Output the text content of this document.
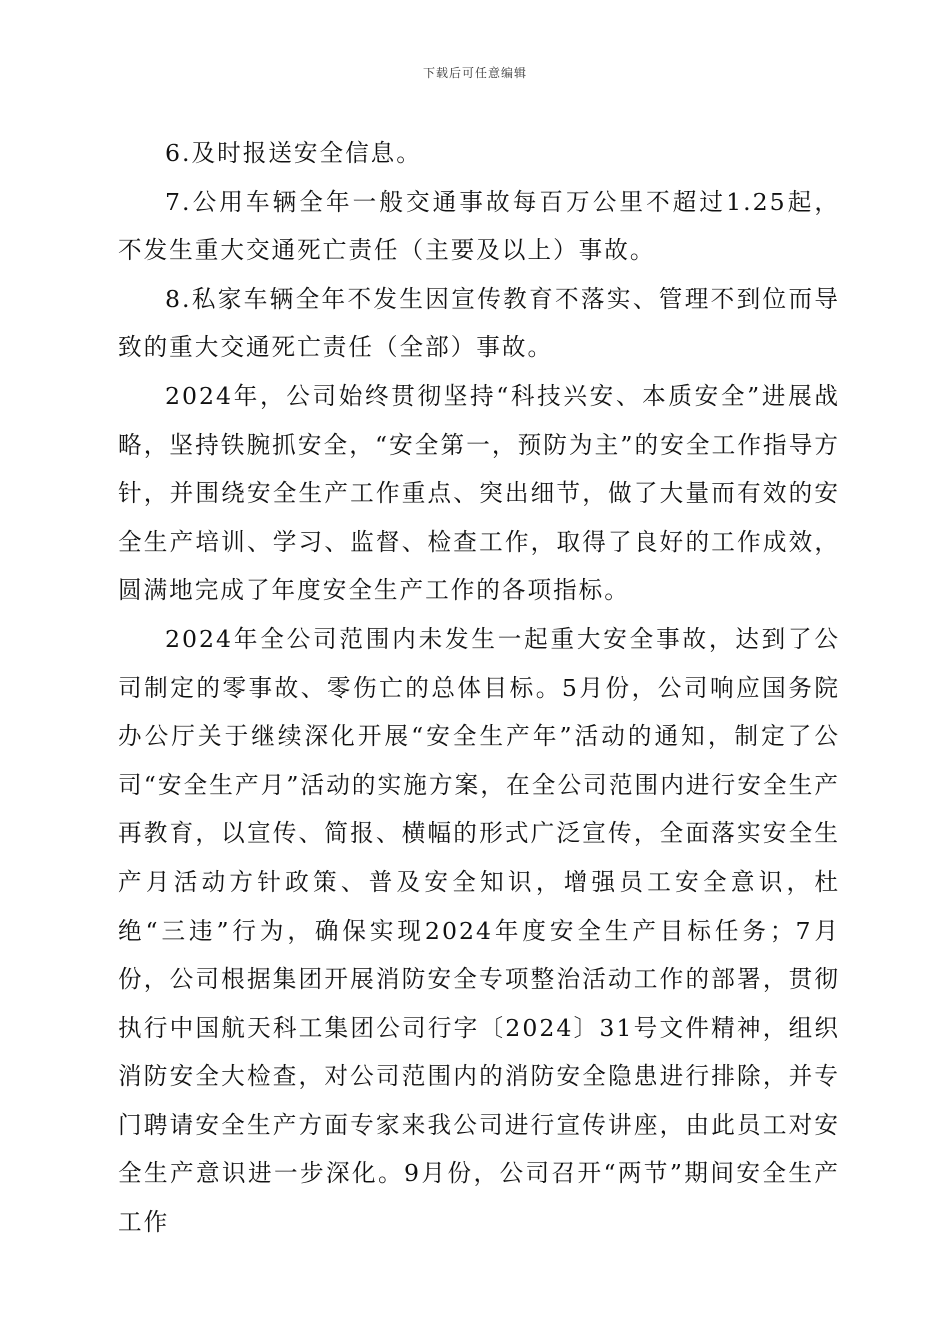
下载后可任意编辑

6.及时报送安全信息。

7.公用车辆全年一般交通事故每百万公里不超过1.25起，不发生重大交通死亡责任（主要及以上）事故。

8.私家车辆全年不发生因宣传教育不落实、管理不到位而导致的重大交通死亡责任（全部）事故。

2024年，公司始终贯彻坚持“科技兴安、本质安全”进展战略，坚持铁腕抓安全，“安全第一，预防为主”的安全工作指导方针，并围绕安全生产工作重点、突出细节，做了大量而有效的安全生产培训、学习、监督、检查工作，取得了良好的工作成效，圆满地完成了年度安全生产工作的各项指标。

2024年全公司范围内未发生一起重大安全事故，达到了公司制定的零事故、零伤亡的总体目标。5月份，公司响应国务院办公厅关于继续深化开展“安全生产年”活动的通知，制定了公司“安全生产月”活动的实施方案，在全公司范围内进行安全生产再教育，以宣传、简报、横幅的形式广泛宣传，全面落实安全生产月活动方针政策、普及安全知识，增强员工安全意识，杜绝“三违”行为，确保实现2024年度安全生产目标任务；7月份，公司根据集团开展消防安全专项整治活动工作的部署，贯彻执行中国航天科工集团公司行字〔2024〕31号文件精神，组织消防安全大检查，对公司范围内的消防安全隐患进行排除，并专门聘请安全生产方面专家来我公司进行宣传讲座，由此员工对安全生产意识进一步深化。9月份，公司召开“两节”期间安全生产工作
